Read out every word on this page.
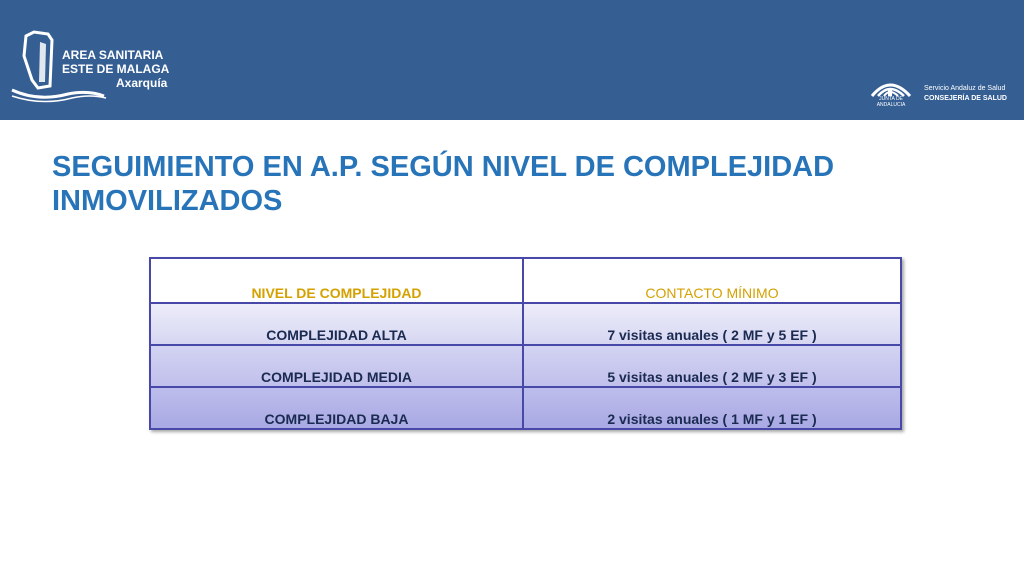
AREA SANITARIA
ESTE DE MALAGA
Axarquía
JUNTA DE ANDALUCIA
Servicio Andaluz de Salud
CONSEJERÍA DE SALUD
SEGUIMIENTO EN A.P. SEGÚN NIVEL DE COMPLEJIDAD
INMOVILIZADOS
NIVEL DE COMPLEJIDAD	CONTACTO MÍNIMO
COMPLEJIDAD ALTA	7 visitas anuales ( 2 MF y 5 EF )
COMPLEJIDAD MEDIA	5 visitas anuales ( 2 MF y 3 EF )
COMPLEJIDAD BAJA	2 visitas anuales ( 1 MF y 1 EF )
